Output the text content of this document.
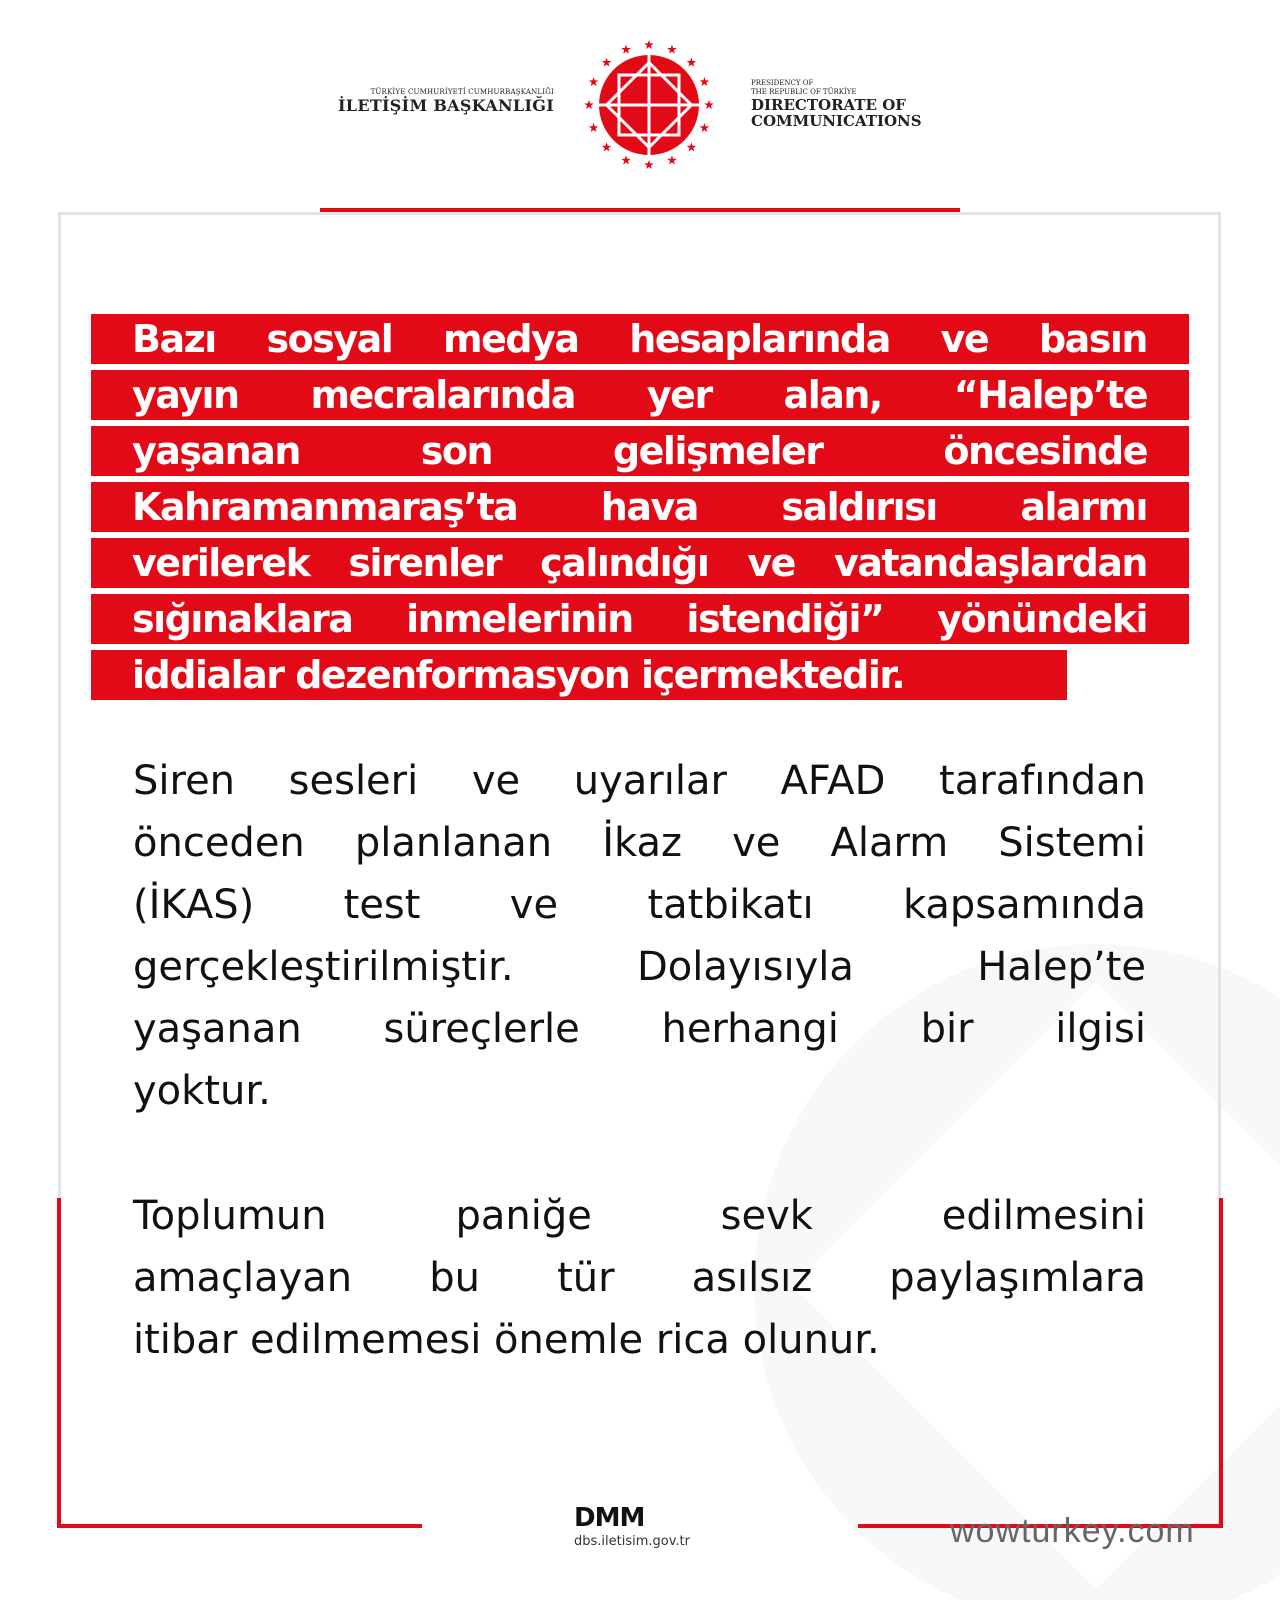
TÜRKİYE CUMHURİYETİ CUMHURBAŞKANLIĞI
İLETİŞİM BAŞKANLIĞI
PRESIDENCY OF
THE REPUBLIC OF TÜRKİYE
DIRECTORATE OF
COMMUNICATIONS
Bazı sosyal medya hesaplarında ve basın
yayın mecralarında yer alan, “Halep’te
yaşanan son gelişmeler öncesinde
Kahramanmaraş’ta hava saldırısı alarmı
verilerek sirenler çalındığı ve vatandaşlardan
sığınaklara inmelerinin istendiği” yönündeki
iddialar dezenformasyon içermektedir.
Siren sesleri ve uyarılar AFAD tarafından
önceden planlanan İkaz ve Alarm Sistemi
(İKAS) test ve tatbikatı kapsamında
gerçekleştirilmiştir. Dolayısıyla Halep’te
yaşanan süreçlerle herhangi bir ilgisi
yoktur.
Toplumun paniğe sevk edilmesini
amaçlayan bu tür asılsız paylaşımlara
itibar edilmemesi önemle rica olunur.
DMM
dbs.iletisim.gov.tr	wowturkey.com
